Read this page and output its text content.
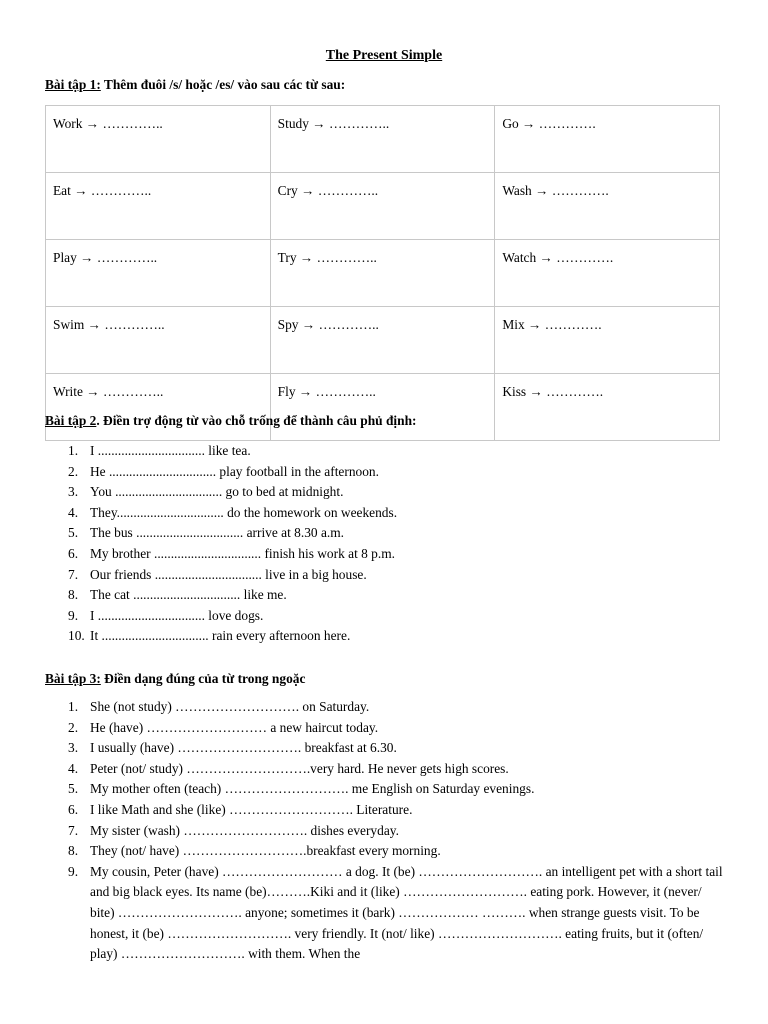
The Present Simple
Bài tập 1: Thêm đuôi /s/ hoặc /es/ vào sau các từ sau:
Work → …………..	Study → …………..	Go → ………….
Eat → …………..	Cry → …………..	Wash → ………….
Play → …………..	Try → …………..	Watch → ………….
Swim → …………..	Spy → …………..	Mix → ………….
Write → …………..	Fly → …………..	Kiss → ………….
Bài tập 2. Điền trợ động từ vào chỗ trống để thành câu phủ định:
1. I ................................ like tea.
2. He ................................ play football in the afternoon.
3. You ................................ go to bed at midnight.
4. They................................ do the homework on weekends.
5. The bus ................................ arrive at 8.30 a.m.
6. My brother ................................ finish his work at 8 p.m.
7. Our friends ................................ live in a big house.
8. The cat ................................ like me.
9. I ................................ love dogs.
10. It ................................ rain every afternoon here.
Bài tập 3: Điền dạng đúng của từ trong ngoặc
1. She (not study) ………………………. on Saturday.
2. He (have) ……………………… a new haircut today.
3. I usually (have) ………………………. breakfast at 6.30.
4. Peter (not/ study) ……………………….very hard. He never gets high scores.
5. My mother often (teach) ………………………. me English on Saturday evenings.
6. I like Math and she (like) ………………………. Literature.
7. My sister (wash) ………………………. dishes everyday.
8. They (not/ have) ……………………….breakfast every morning.
9. My cousin, Peter (have) ……………………… a dog. It (be) ………………………. an intelligent pet with a short tail and big black eyes. Its name (be)……….Kiki and it (like) ………………………. eating pork. However, it (never/ bite) ………………………. anyone; sometimes it (bark) ……………… ………. when strange guests visit. To be honest, it (be) ………………………. very friendly. It (not/ like) ………………………. eating fruits, but it (often/ play) ………………………. with them. When the
